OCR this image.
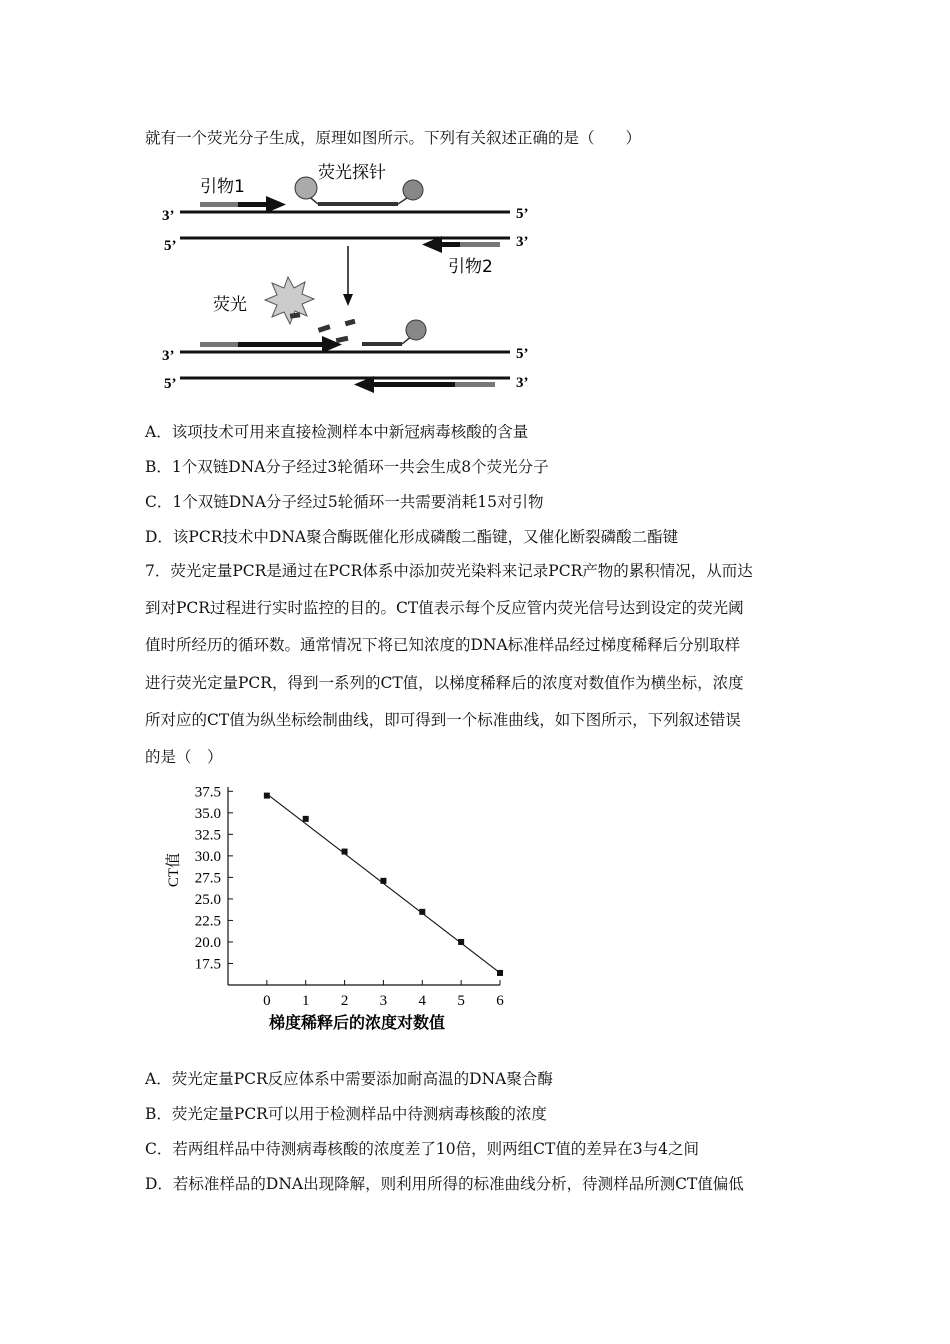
就有一个荧光分子生成，原理如图所示。下列有关叙述正确的是（　　）
3’	5’
5’	3’
引物1
荧光探针
引物2
荧光
3’	5’
5’	3’
A．该项技术可用来直接检测样本中新冠病毒核酸的含量
B．1个双链DNA分子经过3轮循环一共会生成8个荧光分子
C．1个双链DNA分子经过5轮循环一共需要消耗15对引物
D．该PCR技术中DNA聚合酶既催化形成磷酸二酯键，又催化断裂磷酸二酯键
7．荧光定量PCR是通过在PCR体系中添加荧光染料来记录PCR产物的累积情况，从而达
到对PCR过程进行实时监控的目的。CT值表示每个反应管内荧光信号达到设定的荧光阈
值时所经历的循环数。通常情况下将已知浓度的DNA标准样品经过梯度稀释后分别取样
进行荧光定量PCR，得到一系列的CT值，以梯度稀释后的浓度对数值作为横坐标，浓度
所对应的CT值为纵坐标绘制曲线，即可得到一个标准曲线，如下图所示，下列叙述错误
的是（　）
17.5
20.0
22.5
25.0
27.5
30.0
32.5
35.0
37.5
0 1 2 3 4 5 6
CT值
梯度稀释后的浓度对数值
A．荧光定量PCR反应体系中需要添加耐高温的DNA聚合酶
B．荧光定量PCR可以用于检测样品中待测病毒核酸的浓度
C．若两组样品中待测病毒核酸的浓度差了10倍，则两组CT值的差异在3与4之间
D．若标准样品的DNA出现降解，则利用所得的标准曲线分析，待测样品所测CT值偏低
